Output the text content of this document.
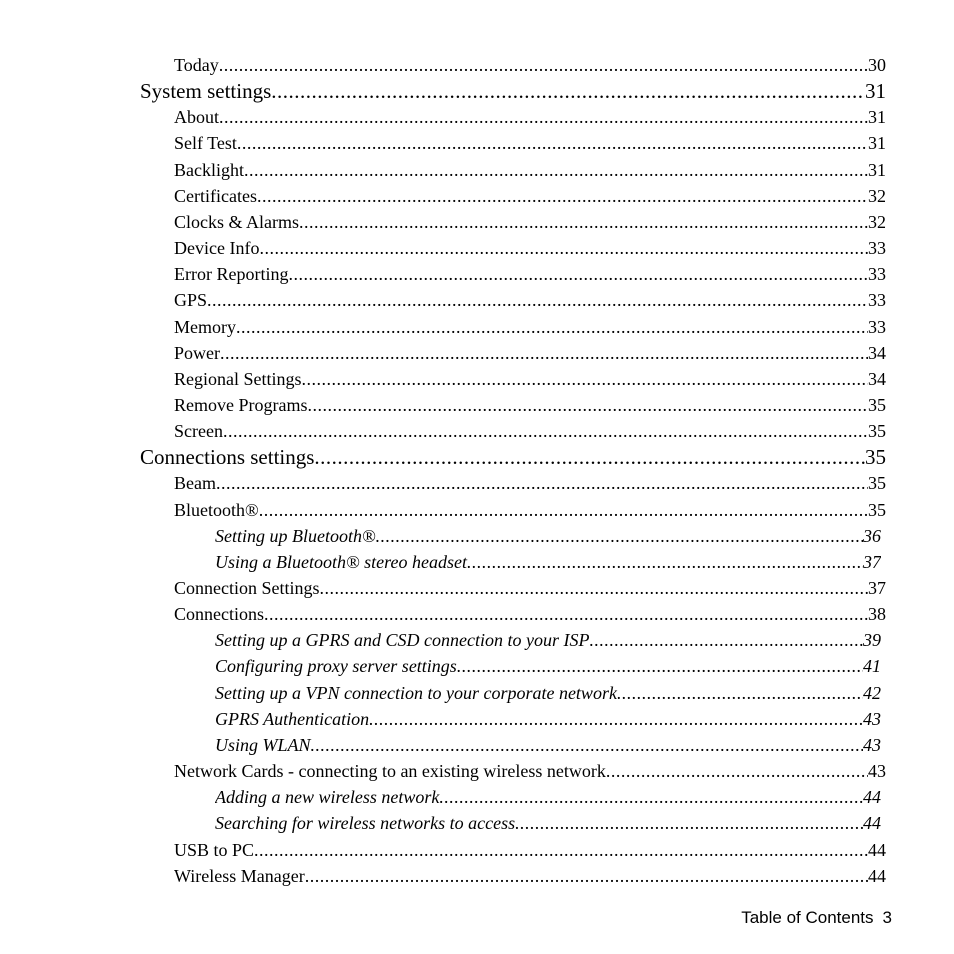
Today .....	30
System settings .....	31
About .....	31
Self Test .....	31
Backlight .....	31
Certificates .....	32
Clocks & Alarms .....	32
Device Info .....	33
Error Reporting .....	33
GPS .....	33
Memory .....	33
Power .....	34
Regional Settings .....	34
Remove Programs .....	35
Screen .....	35
Connections settings .....	35
Beam .....	35
Bluetooth® .....	35
Setting up Bluetooth® .....	36
Using a Bluetooth® stereo headset .....	37
Connection Settings .....	37
Connections .....	38
Setting up a GPRS and CSD connection to your ISP .....	39
Configuring proxy server settings .....	41
Setting up a VPN connection to your corporate network .....	42
GPRS Authentication .....	43
Using WLAN .....	43
Network Cards - connecting to an existing wireless network .....	43
Adding a new wireless network .....	44
Searching for wireless networks to access .....	44
USB to PC .....	44
Wireless Manager .....	44
Table of Contents 3
